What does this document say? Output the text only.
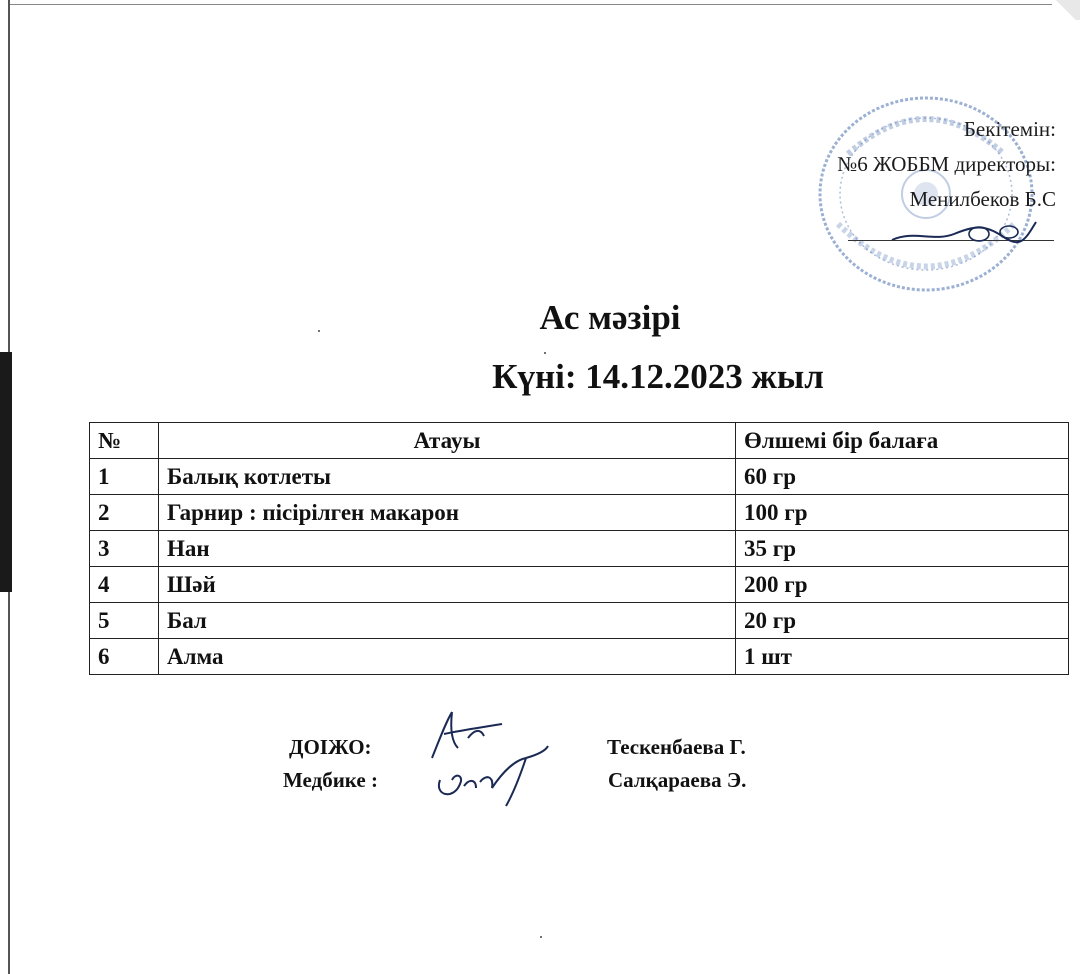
Бекітемін:
№6 ЖОББМ директоры:
Менилбеков Б.С
Ас мәзірі
Күні: 14.12.2023 жыл
№	Атауы	Өлшемі бір балаға
1	Балық котлеты	60 гр
2	Гарнир : пісірілген макарон	100 гр
3	Нан	35 гр
4	Шәй	200 гр
5	Бал	20 гр
6	Алма	1 шт
ДОІЖО:	Тескенбаева Г.
Медбике :	Салқараева Э.
